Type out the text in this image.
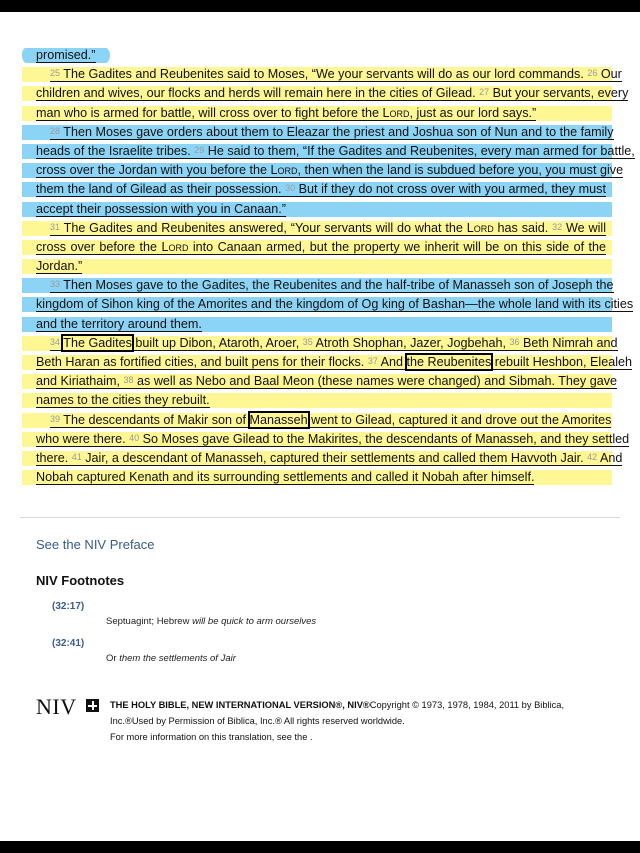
promised.”
$^{25}$ The Gadites and Reubenites said to Moses, “We your servants will do as our lord commands. $^{26}$ Our
children and wives, our flocks and herds will remain here in the cities of Gilead. $^{27}$ But your servants, every
man who is armed for battle, will cross over to fight before the Lord, just as our lord says.”
$^{28}$ Then Moses gave orders about them to Eleazar the priest and Joshua son of Nun and to the family
heads of the Israelite tribes. $^{29}$ He said to them, “If the Gadites and Reubenites, every man armed for battle,
cross over the Jordan with you before the Lord, then when the land is subdued before you, you must give
them the land of Gilead as their possession. $^{30}$ But if they do not cross over with you armed, they must
accept their possession with you in Canaan.”
$^{31}$ The Gadites and Reubenites answered, “Your servants will do what the Lord has said. $^{32}$ We will
cross over before the Lord into Canaan armed, but the property we inherit will be on this side of the
Jordan.”
$^{33}$ Then Moses gave to the Gadites, the Reubenites and the half-tribe of Manasseh son of Joseph the
kingdom of Sihon king of the Amorites and the kingdom of Og king of Bashan—the whole land with its cities
and the territory around them.
$^{34}$ The Gadites built up Dibon, Ataroth, Aroer, $^{35}$ Atroth Shophan, Jazer, Jogbehah, $^{36}$ Beth Nimrah and
Beth Haran as fortified cities, and built pens for their flocks. $^{37}$ And the Reubenites rebuilt Heshbon, Elealeh
and Kiriathaim, $^{38}$ as well as Nebo and Baal Meon (these names were changed) and Sibmah. They gave
names to the cities they rebuilt.
$^{39}$ The descendants of Makir son of Manasseh went to Gilead, captured it and drove out the Amorites
who were there. $^{40}$ So Moses gave Gilead to the Makirites, the descendants of Manasseh, and they settled
there. $^{41}$ Jair, a descendant of Manasseh, captured their settlements and called them Havvoth Jair. $^{42}$ And
Nobah captured Kenath and its surrounding settlements and called it Nobah after himself.
See the NIV Preface
NIV Footnotes
(32:17)
Septuagint; Hebrew will be quick to arm ourselves
(32:41)
Or them the settlements of Jair
NIV	THE HOLY BIBLE, NEW INTERNATIONAL VERSION®, NIV®Copyright © 1973, 1978, 1984, 2011 by Biblica,
Inc.®Used by Permission of Biblica, Inc.® All rights reserved worldwide.
For more information on this translation, see the .
